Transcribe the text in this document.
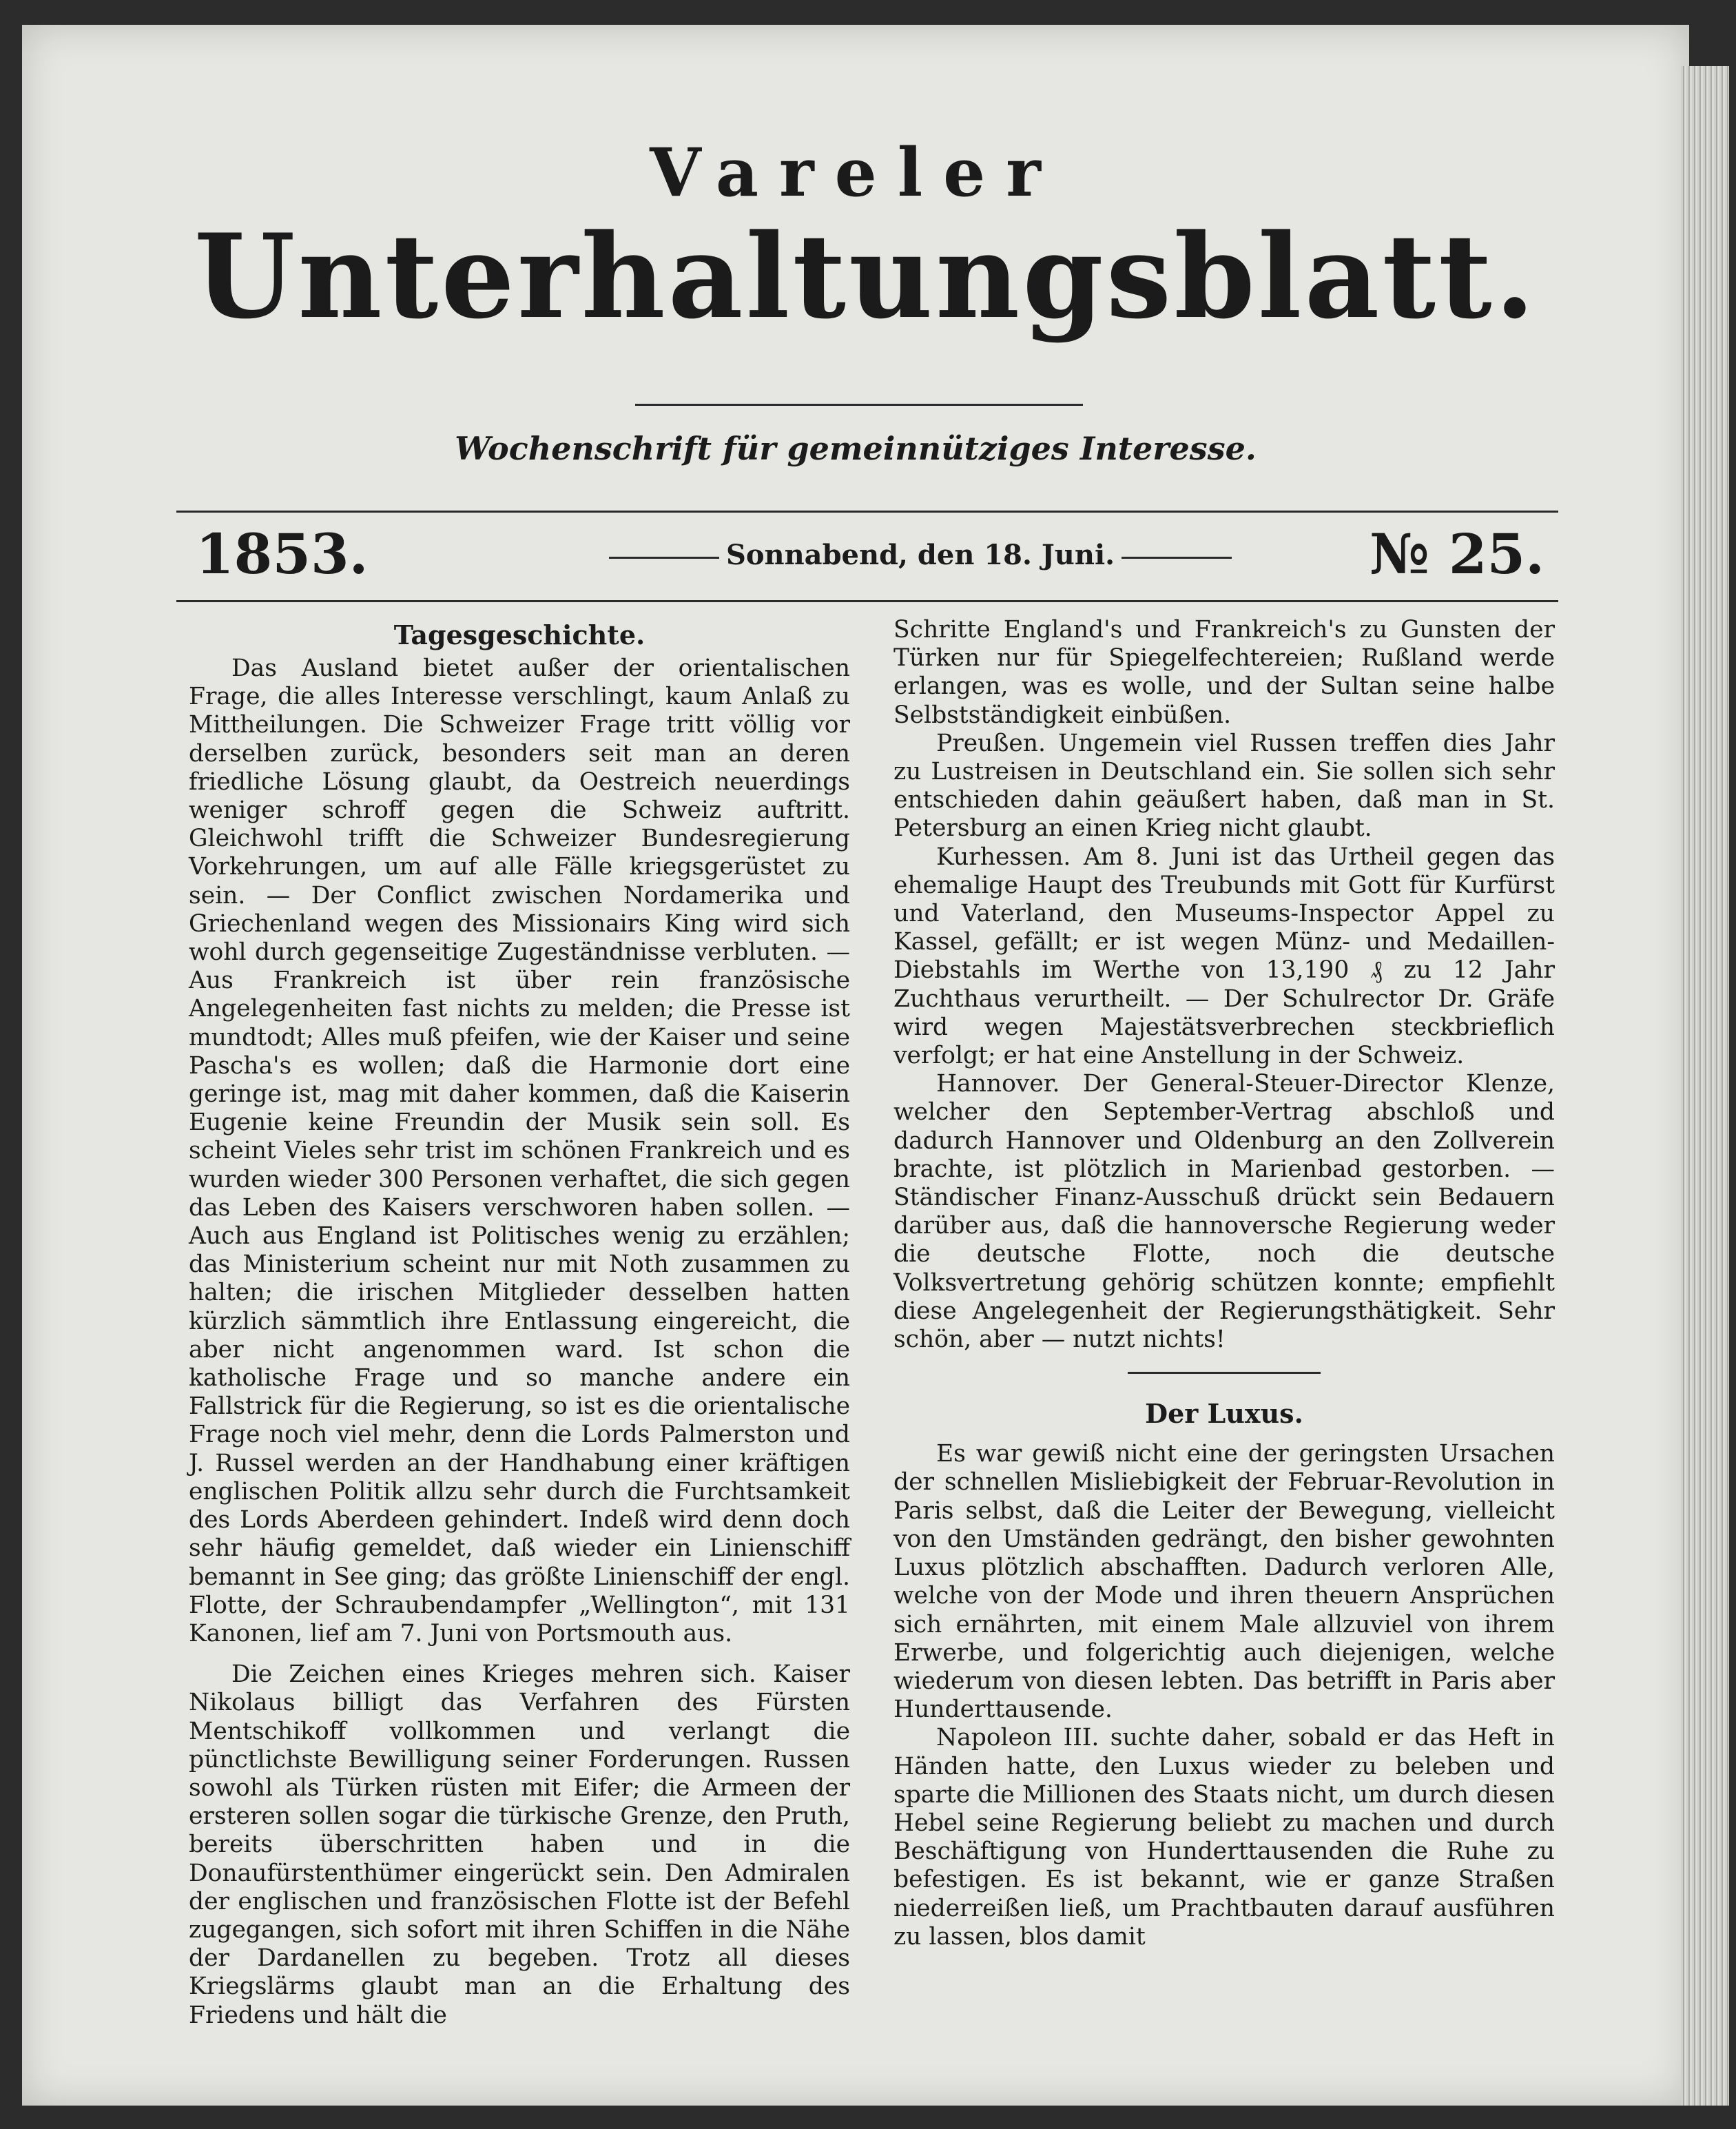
Vareler
Unterhaltungsblatt.
Wochenschrift für gemeinnütziges Interesse.
1853.	Sonnabend, den 18. Juni.	№ 25.
Tagesgeschichte.

Das Ausland bietet außer der orientalischen Frage, die alles Interesse verschlingt, kaum Anlaß zu Mittheilungen. Die Schweizer Frage tritt völlig vor derselben zurück, besonders seit man an deren friedliche Lösung glaubt, da Oestreich neuerdings weniger schroff gegen die Schweiz auftritt. Gleichwohl trifft die Schweizer Bundesregierung Vorkehrungen, um auf alle Fälle kriegsgerüstet zu sein. — Der Conflict zwischen Nordamerika und Griechenland wegen des Missionairs King wird sich wohl durch gegenseitige Zugeständnisse verbluten. — Aus Frankreich ist über rein französische Angelegenheiten fast nichts zu melden; die Presse ist mundtodt; Alles muß pfeifen, wie der Kaiser und seine Pascha's es wollen; daß die Harmonie dort eine geringe ist, mag mit daher kommen, daß die Kaiserin Eugenie keine Freundin der Musik sein soll. Es scheint Vieles sehr trist im schönen Frankreich und es wurden wieder 300 Personen verhaftet, die sich gegen das Leben des Kaisers verschworen haben sollen. — Auch aus England ist Politisches wenig zu erzählen; das Ministerium scheint nur mit Noth zusammen zu halten; die irischen Mitglieder desselben hatten kürzlich sämmtlich ihre Entlassung eingereicht, die aber nicht angenommen ward. Ist schon die katholische Frage und so manche andere ein Fallstrick für die Regierung, so ist es die orientalische Frage noch viel mehr, denn die Lords Palmerston und J. Russel werden an der Handhabung einer kräftigen englischen Politik allzu sehr durch die Furchtsamkeit des Lords Aberdeen gehindert. Indeß wird denn doch sehr häufig gemeldet, daß wieder ein Linienschiff bemannt in See ging; das größte Linienschiff der engl. Flotte, der Schraubendampfer „Wellington“, mit 131 Kanonen, lief am 7. Juni von Portsmouth aus.

Die Zeichen eines Krieges mehren sich. Kaiser Nikolaus billigt das Verfahren des Fürsten Mentschikoff vollkommen und verlangt die pünctlichste Bewilligung seiner Forderungen. Russen sowohl als Türken rüsten mit Eifer; die Armeen der ersteren sollen sogar die türkische Grenze, den Pruth, bereits überschritten haben und in die Donaufürstenthümer eingerückt sein. Den Admiralen der englischen und französischen Flotte ist der Befehl zugegangen, sich sofort mit ihren Schiffen in die Nähe der Dardanellen zu begeben. Trotz all dieses Kriegslärms glaubt man an die Erhaltung des Friedens und hält die

Schritte England's und Frankreich's zu Gunsten der Türken nur für Spiegelfechtereien; Rußland werde erlangen, was es wolle, und der Sultan seine halbe Selbstständigkeit einbüßen.

Preußen. Ungemein viel Russen treffen dies Jahr zu Lustreisen in Deutschland ein. Sie sollen sich sehr entschieden dahin geäußert haben, daß man in St. Petersburg an einen Krieg nicht glaubt.

Kurhessen. Am 8. Juni ist das Urtheil gegen das ehemalige Haupt des Treubunds mit Gott für Kurfürst und Vaterland, den Museums-Inspector Appel zu Kassel, gefällt; er ist wegen Münz- und Medaillen-Diebstahls im Werthe von 13,190 ₰ zu 12 Jahr Zuchthaus verurtheilt. — Der Schulrector Dr. Gräfe wird wegen Majestätsverbrechen steckbrieflich verfolgt; er hat eine Anstellung in der Schweiz.

Hannover. Der General-Steuer-Director Klenze, welcher den September-Vertrag abschloß und dadurch Hannover und Oldenburg an den Zollverein brachte, ist plötzlich in Marienbad gestorben. — Ständischer Finanz-Ausschuß drückt sein Bedauern darüber aus, daß die hannoversche Regierung weder die deutsche Flotte, noch die deutsche Volksvertretung gehörig schützen konnte; empfiehlt diese Angelegenheit der Regierungsthätigkeit. Sehr schön, aber — nutzt nichts!

Der Luxus.

Es war gewiß nicht eine der geringsten Ursachen der schnellen Misliebigkeit der Februar-Revolution in Paris selbst, daß die Leiter der Bewegung, vielleicht von den Umständen gedrängt, den bisher gewohnten Luxus plötzlich abschafften. Dadurch verloren Alle, welche von der Mode und ihren theuern Ansprüchen sich ernährten, mit einem Male allzuviel von ihrem Erwerbe, und folgerichtig auch diejenigen, welche wiederum von diesen lebten. Das betrifft in Paris aber Hunderttausende.

Napoleon III. suchte daher, sobald er das Heft in Händen hatte, den Luxus wieder zu beleben und sparte die Millionen des Staats nicht, um durch diesen Hebel seine Regierung beliebt zu machen und durch Beschäftigung von Hunderttausenden die Ruhe zu befestigen. Es ist bekannt, wie er ganze Straßen niederreißen ließ, um Prachtbauten darauf ausführen zu lassen, blos damit
